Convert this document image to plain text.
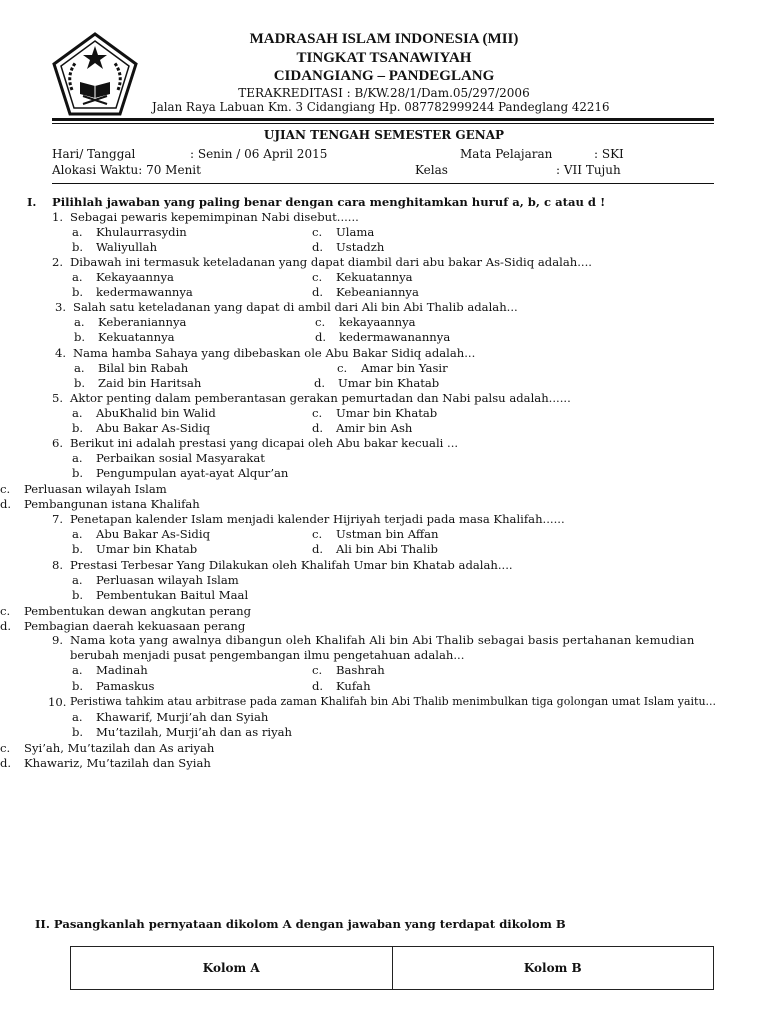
MADRASAH ISLAM INDONESIA (MII)
TINGKAT TSANAWIYAH
CIDANGIANG – PANDEGLANG
TERAKREDITASI : B/KW.28/1/Dam.05/297/2006
Jalan Raya Labuan Km. 3 Cidangiang Hp. 087782999244 Pandeglang 42216
UJIAN TENGAH SEMESTER GENAP
Hari/ Tanggal	: Senin / 06 April 2015	Mata Pelajaran	: SKI
Alokasi Waktu: 70 Menit	Kelas	: VII Tujuh
I. Pilihlah jawaban yang paling benar dengan cara menghitamkan huruf a, b, c atau d !
1. Sebagai pewaris kepemimpinan Nabi disebut......
a. Khulaurrasydin
b. Waliyullah
c. Ulama
d. Ustadzh
2. Dibawah ini termasuk keteladanan yang dapat diambil dari abu bakar As-Sidiq adalah....
a. Kekayaannya
b. kedermawannya
c. Kekuatannya
d. Kebeaniannya
3. Salah satu keteladanan yang dapat di ambil dari Ali bin Abi Thalib adalah...
a. Keberaniannya
b. Kekuatannya
c. kekayaannya
d. kedermawanannya
4. Nama hamba Sahaya yang dibebaskan ole Abu Bakar Sidiq adalah...
a. Bilal bin Rabah
b. Zaid bin Haritsah
c. Amar bin Yasir
d. Umar bin Khatab
5. Aktor penting dalam pemberantasan gerakan pemurtadan dan Nabi palsu adalah......
a. AbuKhalid bin Walid
b. Abu Bakar As-Sidiq
c. Umar bin Khatab
d. Amir bin Ash
6. Berikut ini adalah prestasi yang dicapai oleh Abu bakar kecuali ...
a. Perbaikan sosial Masyarakat
b. Pengumpulan ayat-ayat Alqur’an
c. Perluasan wilayah Islam
d. Pembangunan istana Khalifah
7. Penetapan kalender Islam menjadi kalender Hijriyah terjadi pada masa Khalifah......
a. Abu Bakar As-Sidiq
b. Umar bin Khatab
c. Ustman bin Affan
d. Ali bin Abi Thalib
8. Prestasi Terbesar Yang Dilakukan oleh Khalifah Umar bin Khatab adalah....
a. Perluasan wilayah Islam
b. Pembentukan Baitul Maal
c. Pembentukan dewan angkutan perang
d. Pembagian daerah kekuasaan perang
9. Nama kota yang awalnya dibangun oleh Khalifah Ali bin Abi Thalib sebagai basis pertahanan kemudian
berubah menjadi pusat pengembangan ilmu pengetahuan adalah...
a. Madinah
b. Pamaskus
c. Bashrah
d. Kufah
10. Peristiwa tahkim atau arbitrase pada zaman Khalifah bin Abi Thalib menimbulkan tiga golongan umat Islam yaitu...
a. Khawarif, Murji’ah dan Syiah
b. Mu’tazilah, Murji’ah dan as riyah
c. Syi’ah, Mu’tazilah dan As ariyah
d. Khawariz, Mu’tazilah dan Syiah
II. Pasangkanlah pernyataan dikolom A dengan jawaban yang terdapat dikolom B
Kolom A	Kolom B
